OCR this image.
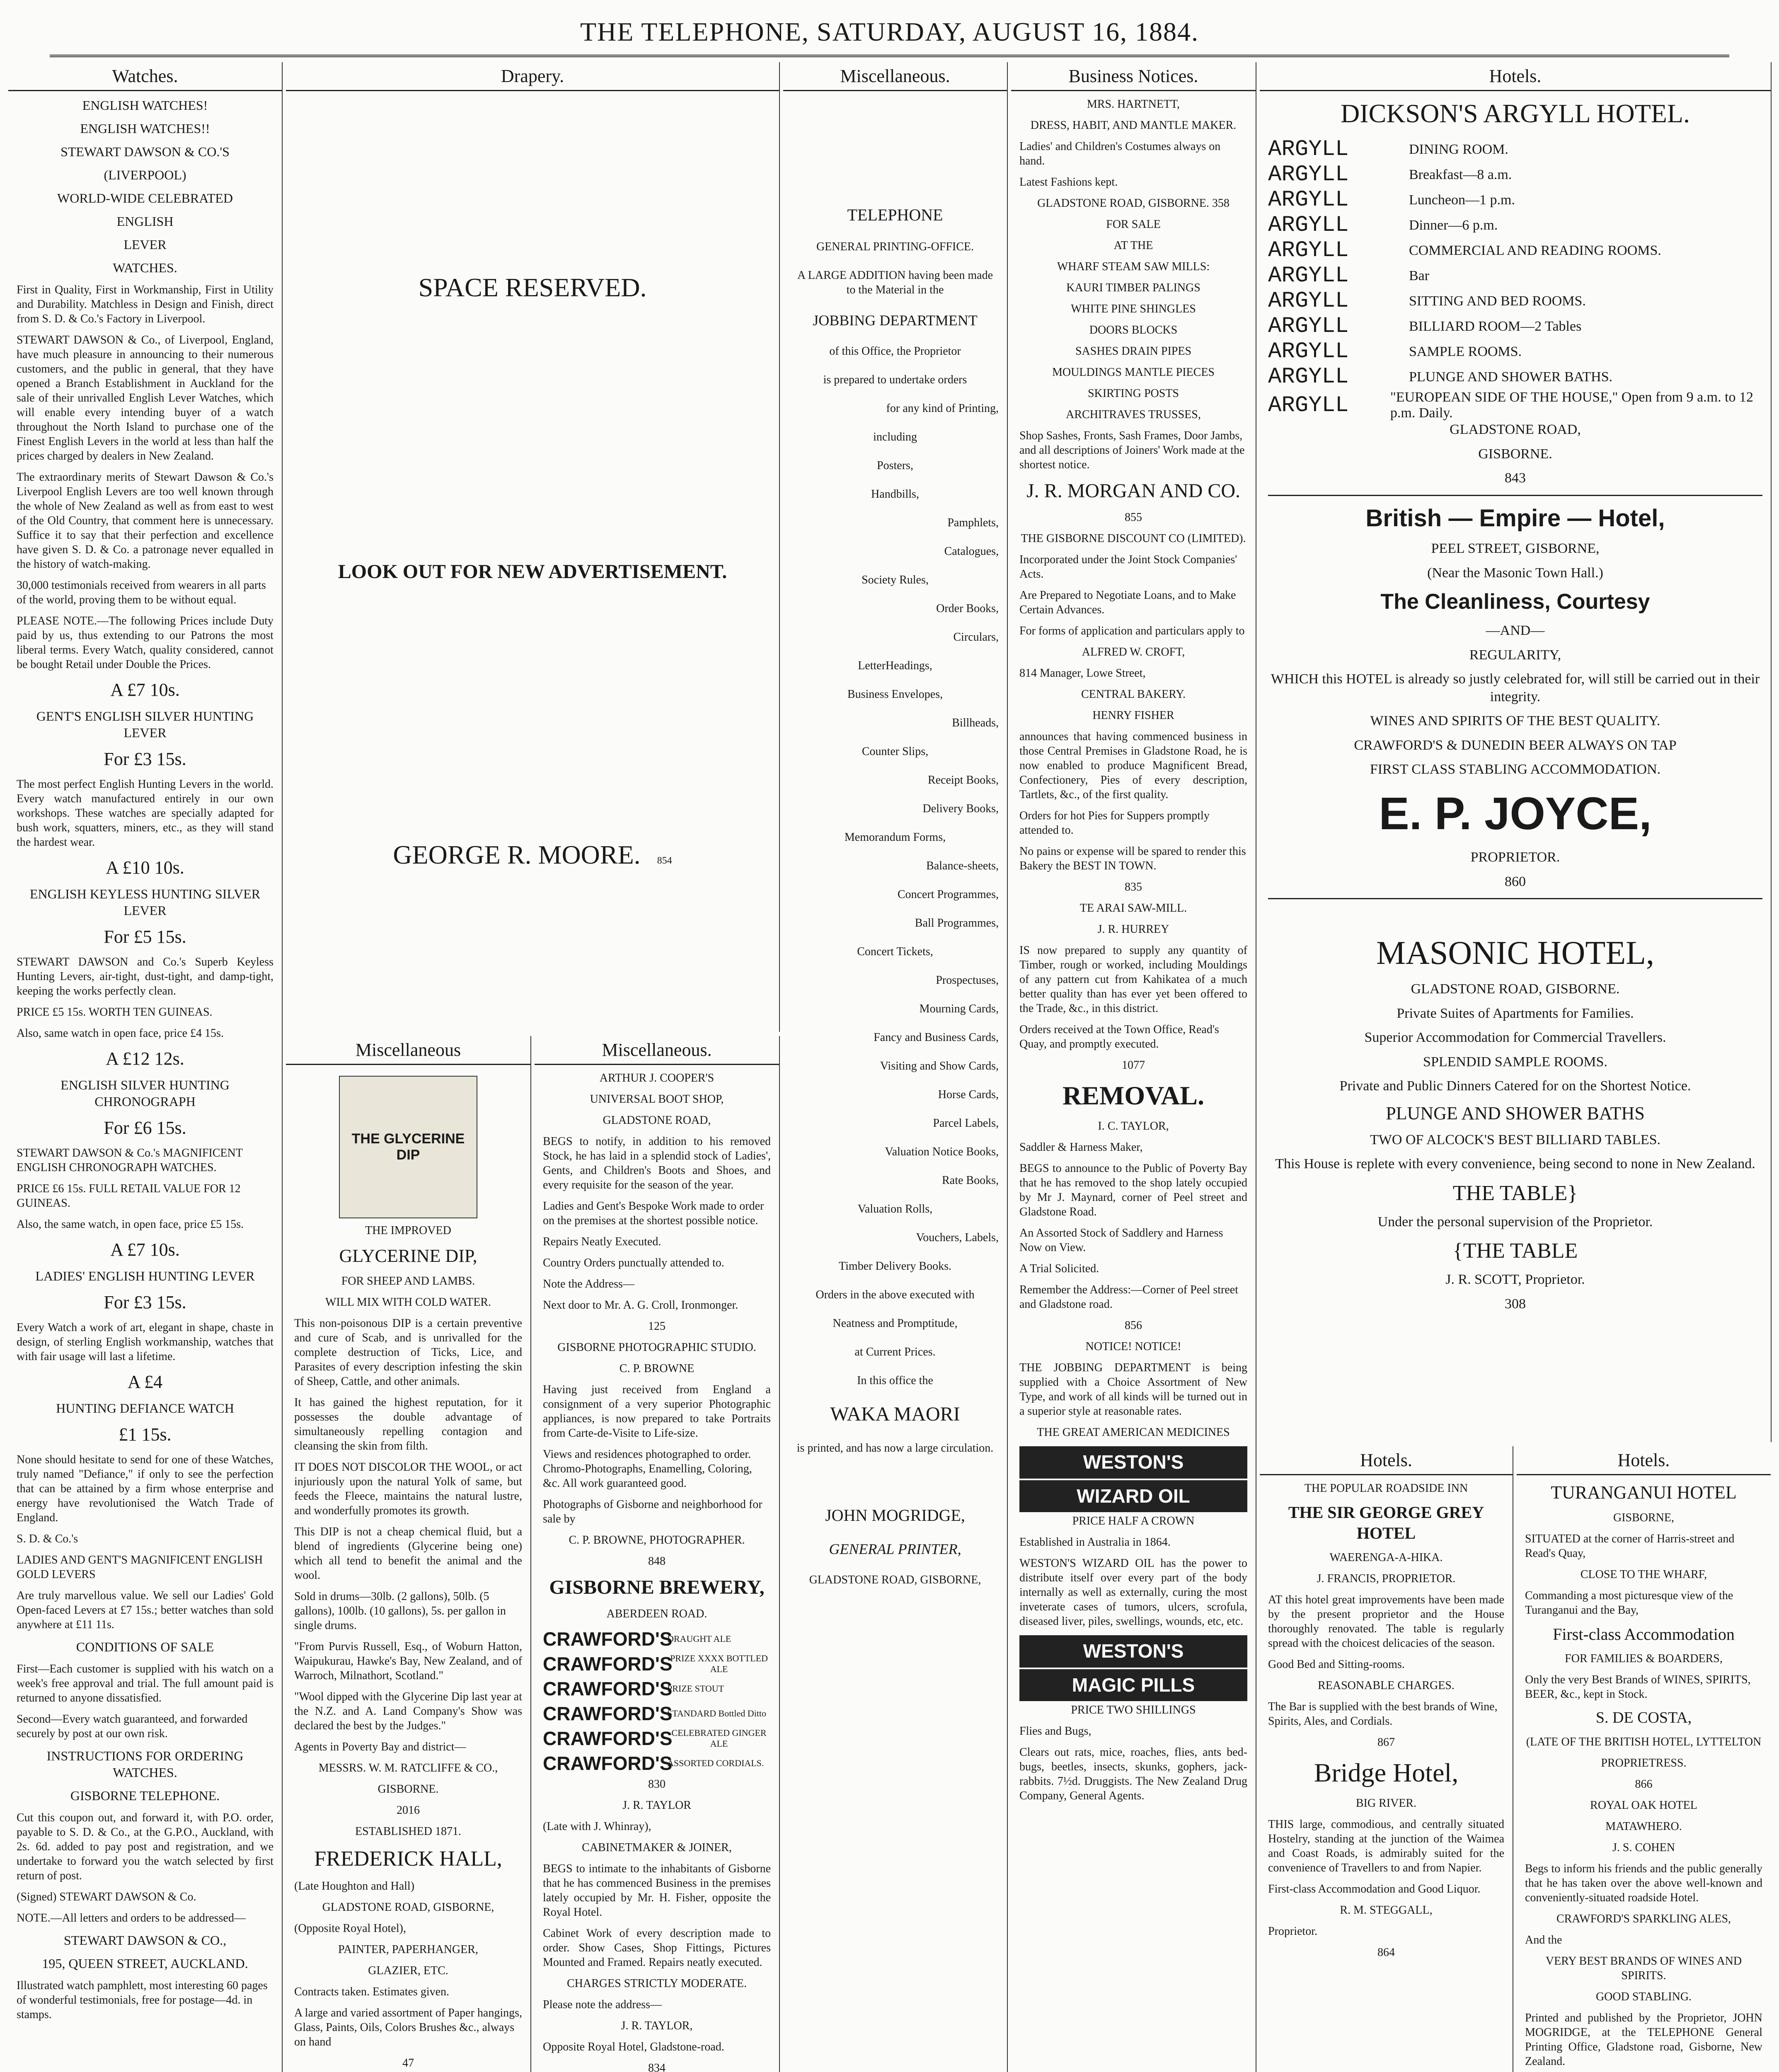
THE TELEPHONE, SATURDAY, AUGUST 16, 1884.
Watches.
ENGLISH WATCHES!
ENGLISH WATCHES!!
STEWART DAWSON & CO.'S
(LIVERPOOL)
WORLD-WIDE CELEBRATED
ENGLISH
LEVER
WATCHES.
First in Quality, First in Workmanship, First in Utility and Durability. Matchless in Design and Finish, direct from S. D. & Co.'s Factory in Liverpool.
STEWART DAWSON & Co., of Liverpool, England, have much pleasure in announcing to their numerous customers, and the public in general, that they have opened a Branch Establishment in Auckland for the sale of their unrivalled English Lever Watches, which will enable every intending buyer of a watch throughout the North Island to purchase one of the Finest English Levers in the world at less than half the prices charged by dealers in New Zealand.
The extraordinary merits of Stewart Dawson & Co.'s Liverpool English Levers are too well known through the whole of New Zealand as well as from east to west of the Old Country, that comment here is unnecessary. Suffice it to say that their perfection and excellence have given S. D. & Co. a patronage never equalled in the history of watch-making.
30,000 testimonials received from wearers in all parts of the world, proving them to be without equal.
PLEASE NOTE.—The following Prices include Duty paid by us, thus extending to our Patrons the most liberal terms. Every Watch, quality considered, cannot be bought Retail under Double the Prices.
A £7 10s.
GENT'S ENGLISH SILVER HUNTING LEVER
For £3 15s.
The most perfect English Hunting Levers in the world. Every watch manufactured entirely in our own workshops. These watches are specially adapted for bush work, squatters, miners, etc., as they will stand the hardest wear.
A £10 10s.
ENGLISH KEYLESS HUNTING SILVER LEVER
For £5 15s.
STEWART DAWSON and Co.'s Superb Keyless Hunting Levers, air-tight, dust-tight, and damp-tight, keeping the works perfectly clean.
PRICE £5 15s. WORTH TEN GUINEAS.
Also, same watch in open face, price £4 15s.
A £12 12s.
ENGLISH SILVER HUNTING CHRONOGRAPH
For £6 15s.
STEWART DAWSON & Co.'s MAGNIFICENT ENGLISH CHRONOGRAPH WATCHES.
PRICE £6 15s. FULL RETAIL VALUE FOR 12 GUINEAS.
Also, the same watch, in open face, price £5 15s.
A £7 10s.
LADIES' ENGLISH HUNTING LEVER
For £3 15s.
Every Watch a work of art, elegant in shape, chaste in design, of sterling English workmanship, watches that with fair usage will last a lifetime.
A £4
HUNTING DEFIANCE WATCH
£1 15s.
None should hesitate to send for one of these Watches, truly named "Defiance," if only to see the perfection that can be attained by a firm whose enterprise and energy have revolutionised the Watch Trade of England.
S. D. & Co.'s
LADIES AND GENT'S MAGNIFICENT ENGLISH GOLD LEVERS
Are truly marvellous value. We sell our Ladies' Gold Open-faced Levers at £7 15s.; better watches than sold anywhere at £11 11s.
CONDITIONS OF SALE
First—Each customer is supplied with his watch on a week's free approval and trial. The full amount paid is returned to anyone dissatisfied.
Second—Every watch guaranteed, and forwarded securely by post at our own risk.
INSTRUCTIONS FOR ORDERING WATCHES.
GISBORNE TELEPHONE.
Cut this coupon out, and forward it, with P.O. order, payable to S. D. & Co., at the G.P.O., Auckland, with 2s. 6d. added to pay post and registration, and we undertake to forward you the watch selected by first return of post.
(Signed) STEWART DAWSON & Co.
NOTE.—All letters and orders to be addressed—
STEWART DAWSON & CO.,
195, QUEEN STREET, AUCKLAND.
Illustrated watch pamphlett, most interesting 60 pages of wonderful testimonials, free for postage—4d. in stamps.
Drapery.
SPACE RESERVED.
LOOK OUT FOR NEW ADVERTISEMENT.
GEORGE R. MOORE. 854
Miscellaneous
THE GLYCERINE DIP
THE IMPROVED
GLYCERINE DIP,
FOR SHEEP AND LAMBS.
WILL MIX WITH COLD WATER.
This non-poisonous DIP is a certain preventive and cure of Scab, and is unrivalled for the complete destruction of Ticks, Lice, and Parasites of every description infesting the skin of Sheep, Cattle, and other animals.
It has gained the highest reputation, for it possesses the double advantage of simultaneously repelling contagion and cleansing the skin from filth.
IT DOES NOT DISCOLOR THE WOOL, or act injuriously upon the natural Yolk of same, but feeds the Fleece, maintains the natural lustre, and wonderfully promotes its growth.
This DIP is not a cheap chemical fluid, but a blend of ingredients (Glycerine being one) which all tend to benefit the animal and the wool.
Sold in drums—30lb. (2 gallons), 50lb. (5 gallons), 100lb. (10 gallons), 5s. per gallon in single drums.
"From Purvis Russell, Esq., of Woburn Hatton, Waipukurau, Hawke's Bay, New Zealand, and of Warroch, Milnathort, Scotland."
"Wool dipped with the Glycerine Dip last year at the N.Z. and A. Land Company's Show was declared the best by the Judges."
Agents in Poverty Bay and district—
MESSRS. W. M. RATCLIFFE & CO.,
GISBORNE.
2016
ESTABLISHED 1871.
FREDERICK HALL,
(Late Houghton and Hall)
GLADSTONE ROAD, GISBORNE,
(Opposite Royal Hotel),
PAINTER, PAPERHANGER,
GLAZIER, ETC.
Contracts taken. Estimates given.
A large and varied assortment of Paper hangings, Glass, Paints, Oils, Colors Brushes &c., always on hand
47
Miscellaneous.
ARTHUR J. COOPER'S
UNIVERSAL BOOT SHOP,
GLADSTONE ROAD,
BEGS to notify, in addition to his removed Stock, he has laid in a splendid stock of Ladies', Gents, and Children's Boots and Shoes, and every requisite for the season of the year.
Ladies and Gent's Bespoke Work made to order on the premises at the shortest possible notice.
Repairs Neatly Executed.
Country Orders punctually attended to.
Note the Address—
Next door to Mr. A. G. Croll, Ironmonger.
125
GISBORNE PHOTOGRAPHIC STUDIO.
C. P. BROWNE
Having just received from England a consignment of a very superior Photographic appliances, is now prepared to take Portraits from Carte-de-Visite to Life-size.
Views and residences photographed to order. Chromo-Photographs, Enamelling, Coloring, &c. All work guaranteed good.
Photographs of Gisborne and neighborhood for sale by
C. P. BROWNE, PHOTOGRAPHER.
848
GISBORNE BREWERY,
ABERDEEN ROAD.
CRAWFORD'S
DRAUGHT ALE
CRAWFORD'S
PRIZE XXXX BOTTLED ALE
CRAWFORD'S
PRIZE STOUT
CRAWFORD'S
STANDARD Bottled Ditto
CRAWFORD'S
CELEBRATED GINGER ALE
CRAWFORD'S
ASSORTED CORDIALS.
830
J. R. TAYLOR
(Late with J. Whinray),
CABINETMAKER & JOINER,
BEGS to intimate to the inhabitants of Gisborne that he has commenced Business in the premises lately occupied by Mr. H. Fisher, opposite the Royal Hotel.
Cabinet Work of every description made to order. Show Cases, Shop Fittings, Pictures Mounted and Framed. Repairs neatly executed.
CHARGES STRICTLY MODERATE.
Please note the address—
J. R. TAYLOR,
Opposite Royal Hotel, Gladstone-road.
834
Miscellaneous.
TELEPHONE
GENERAL PRINTING-OFFICE.
A LARGE ADDITION having been made to the Material in the
JOBBING DEPARTMENT
of this Office, the Proprietor
is prepared to undertake orders
for any kind of Printing,
including
Posters,
Handbills,
Pamphlets,
Catalogues,
Society Rules,
Order Books,
Circulars,
LetterHeadings,
Business Envelopes,
Billheads,
Counter Slips,
Receipt Books,
Delivery Books,
Memorandum Forms,
Balance-sheets,
Concert Programmes,
Ball Programmes,
Concert Tickets,
Prospectuses,
Mourning Cards,
Fancy and Business Cards,
Visiting and Show Cards,
Horse Cards,
Parcel Labels,
Valuation Notice Books,
Rate Books,
Valuation Rolls,
Vouchers, Labels,
Timber Delivery Books.
Orders in the above executed with
Neatness and Promptitude,
at Current Prices.
In this office the
WAKA MAORI
is printed, and has now a large circulation.
JOHN MOGRIDGE,
GENERAL PRINTER,
GLADSTONE ROAD, GISBORNE,
Business Notices.
MRS. HARTNETT,
DRESS, HABIT, AND MANTLE MAKER.
Ladies' and Children's Costumes always on hand.
Latest Fashions kept.
GLADSTONE ROAD, GISBORNE. 358
FOR SALE
AT THE
WHARF STEAM SAW MILLS:
KAURI TIMBER PALINGS
WHITE PINE SHINGLES
DOORS BLOCKS
SASHES DRAIN PIPES
MOULDINGS MANTLE PIECES
SKIRTING POSTS
ARCHITRAVES TRUSSES,
Shop Sashes, Fronts, Sash Frames, Door Jambs, and all descriptions of Joiners' Work made at the shortest notice.
J. R. MORGAN AND CO.
855
THE GISBORNE DISCOUNT CO (LIMITED).
Incorporated under the Joint Stock Companies' Acts.
Are Prepared to Negotiate Loans, and to Make Certain Advances.
For forms of application and particulars apply to
ALFRED W. CROFT,
814 Manager, Lowe Street,
CENTRAL BAKERY.
HENRY FISHER
announces that having commenced business in those Central Premises in Gladstone Road, he is now enabled to produce Magnificent Bread, Confectionery, Pies of every description, Tartlets, &c., of the first quality.
Orders for hot Pies for Suppers promptly attended to.
No pains or expense will be spared to render this Bakery the BEST IN TOWN.
835
TE ARAI SAW-MILL.
J. R. HURREY
IS now prepared to supply any quantity of Timber, rough or worked, including Mouldings of any pattern cut from Kahikatea of a much better quality than has ever yet been offered to the Trade, &c., in this district.
Orders received at the Town Office, Read's Quay, and promptly executed.
1077
REMOVAL.
I. C. TAYLOR,
Saddler & Harness Maker,
BEGS to announce to the Public of Poverty Bay that he has removed to the shop lately occupied by Mr J. Maynard, corner of Peel street and Gladstone Road.
An Assorted Stock of Saddlery and Harness Now on View.
A Trial Solicited.
Remember the Address:—Corner of Peel street and Gladstone road.
856
NOTICE! NOTICE!
THE JOBBING DEPARTMENT is being supplied with a Choice Assortment of New Type, and work of all kinds will be turned out in a superior style at reasonable rates.
THE GREAT AMERICAN MEDICINES
WESTON'S
WIZARD OIL
PRICE HALF A CROWN
Established in Australia in 1864.
WESTON'S WIZARD OIL has the power to distribute itself over every part of the body internally as well as externally, curing the most inveterate cases of tumors, ulcers, scrofula, diseased liver, piles, swellings, wounds, etc, etc.
WESTON'S
MAGIC PILLS
PRICE TWO SHILLINGS
Flies and Bugs,
Clears out rats, mice, roaches, flies, ants bed-bugs, beetles, insects, skunks, gophers, jack-rabbits. 7½d. Druggists. The New Zealand Drug Company, General Agents.
Hotels.
DICKSON'S ARGYLL HOTEL.
ARGYLL	DINING ROOM.
ARGYLL	Breakfast—8 a.m.
ARGYLL	Luncheon—1 p.m.
ARGYLL	Dinner—6 p.m.
ARGYLL	COMMERCIAL AND READING ROOMS.
ARGYLL	Bar
ARGYLL	SITTING AND BED ROOMS.
ARGYLL	BILLIARD ROOM—2 Tables
ARGYLL	SAMPLE ROOMS.
ARGYLL	PLUNGE AND SHOWER BATHS.
ARGYLL	"EUROPEAN SIDE OF THE HOUSE," Open from 9 a.m. to 12 p.m. Daily.
GLADSTONE ROAD,
GISBORNE.
843
British — Empire — Hotel,
PEEL STREET, GISBORNE,
(Near the Masonic Town Hall.)
The Cleanliness, Courtesy
—AND—
REGULARITY,
WHICH this HOTEL is already so justly celebrated for, will still be carried out in their integrity.
WINES AND SPIRITS OF THE BEST QUALITY.
CRAWFORD'S & DUNEDIN BEER ALWAYS ON TAP
FIRST CLASS STABLING ACCOMMODATION.
E. P. JOYCE,
PROPRIETOR.
860
MASONIC HOTEL,
GLADSTONE ROAD, GISBORNE.
Private Suites of Apartments for Families.
Superior Accommodation for Commercial Travellers.
SPLENDID SAMPLE ROOMS.
Private and Public Dinners Catered for on the Shortest Notice.
PLUNGE AND SHOWER BATHS
TWO OF ALCOCK'S BEST BILLIARD TABLES.
This House is replete with every convenience, being second to none in New Zealand.
THE TABLE}
Under the personal supervision of the Proprietor.
{THE TABLE
J. R. SCOTT, Proprietor.
308
Hotels.
THE POPULAR ROADSIDE INN
THE SIR GEORGE GREY HOTEL
WAERENGA-A-HIKA.
J. FRANCIS, PROPRIETOR.
AT this hotel great improvements have been made by the present proprietor and the House thoroughly renovated. The table is regularly spread with the choicest delicacies of the season.
Good Bed and Sitting-rooms.
REASONABLE CHARGES.
The Bar is supplied with the best brands of Wine, Spirits, Ales, and Cordials.
867
Bridge Hotel,
BIG RIVER.
THIS large, commodious, and centrally situated Hostelry, standing at the junction of the Waimea and Coast Roads, is admirably suited for the convenience of Travellers to and from Napier.
First-class Accommodation and Good Liquor.
R. M. STEGGALL,
Proprietor.
864
Hotels.
TURANGANUI HOTEL
GISBORNE,
SITUATED at the corner of Harris-street and Read's Quay,
CLOSE TO THE WHARF,
Commanding a most picturesque view of the Turanganui and the Bay,
First-class Accommodation
FOR FAMILIES & BOARDERS,
Only the very Best Brands of WINES, SPIRITS, BEER, &c., kept in Stock.
S. DE COSTA,
(LATE OF THE BRITISH HOTEL, LYTTELTON
PROPRIETRESS.
866
ROYAL OAK HOTEL
MATAWHERO.
J. S. COHEN
Begs to inform his friends and the public generally that he has taken over the above well-known and conveniently-situated roadside Hotel.
CRAWFORD'S SPARKLING ALES,
And the
VERY BEST BRANDS OF WINES AND SPIRITS.
GOOD STABLING.
Printed and published by the Proprietor, JOHN MOGRIDGE, at the TELEPHONE General Printing Office, Gladstone road, Gisborne, New Zealand.
